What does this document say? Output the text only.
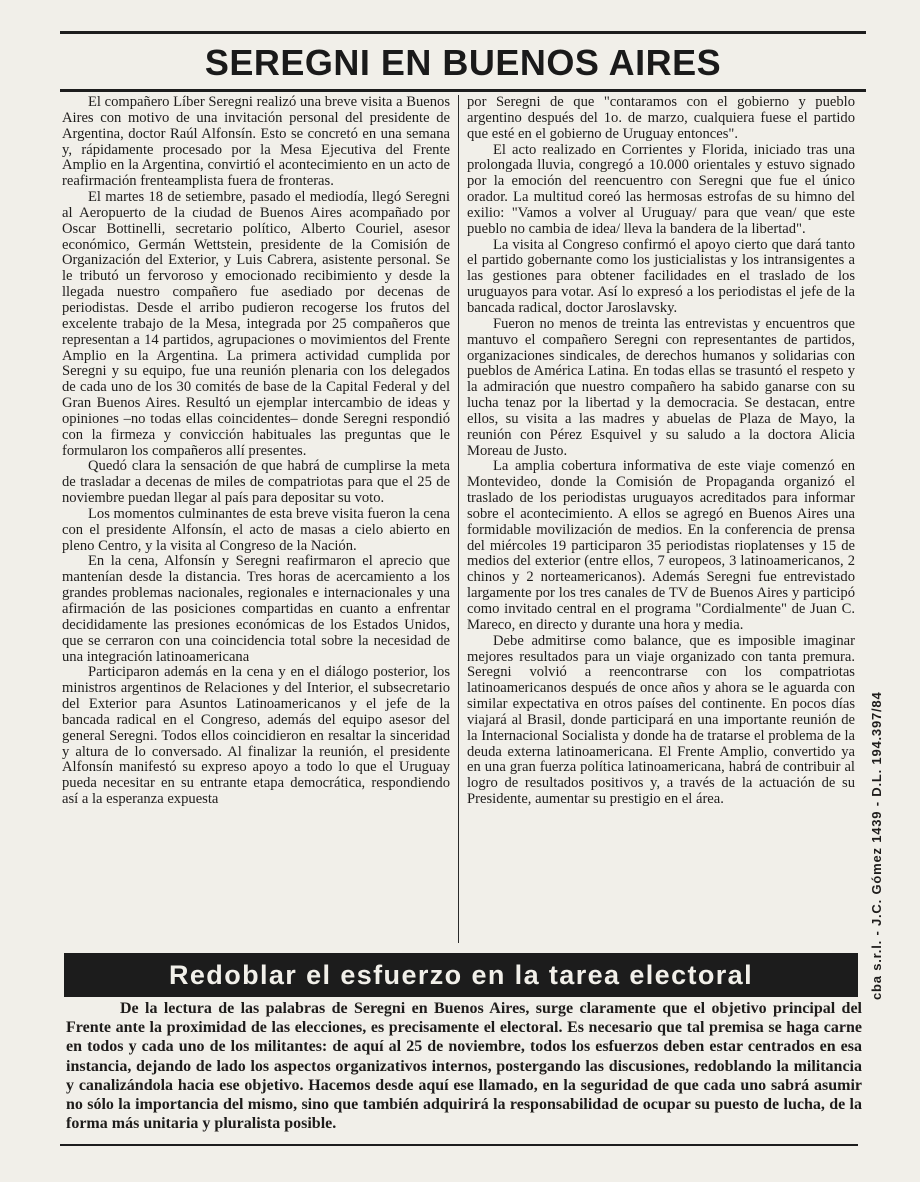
SEREGNI EN BUENOS AIRES

El compañero Líber Seregni realizó una breve visita a Buenos Aires con motivo de una invitación personal del presidente de Argentina, doctor Raúl Alfonsín. Esto se concretó en una semana y, rápidamente procesado por la Mesa Ejecutiva del Frente Amplio en la Argentina, convirtió el acontecimiento en un acto de reafirmación frenteamplista fuera de fronteras.

El martes 18 de setiembre, pasado el mediodía, llegó Seregni al Aeropuerto de la ciudad de Buenos Aires acompañado por Oscar Bottinelli, secretario político, Alberto Couriel, asesor económico, Germán Wettstein, presidente de la Comisión de Organización del Exterior, y Luis Cabrera, asistente personal. Se le tributó un fervoroso y emocionado recibimiento y desde la llegada nuestro compañero fue asediado por decenas de periodistas. Desde el arribo pudieron recogerse los frutos del excelente trabajo de la Mesa, integrada por 25 compañeros que representan a 14 partidos, agrupaciones o movimientos del Frente Amplio en la Argentina. La primera actividad cumplida por Seregni y su equipo, fue una reunión plenaria con los delegados de cada uno de los 30 comités de base de la Capital Federal y del Gran Buenos Aires. Resultó un ejemplar intercambio de ideas y opiniones –no todas ellas coincidentes– donde Seregni respondió con la firmeza y convicción habituales las preguntas que le formularon los compañeros allí presentes.

Quedó clara la sensación de que habrá de cumplirse la meta de trasladar a decenas de miles de compatriotas para que el 25 de noviembre puedan llegar al país para depositar su voto.

Los momentos culminantes de esta breve visita fueron la cena con el presidente Alfonsín, el acto de masas a cielo abierto en pleno Centro, y la visita al Congreso de la Nación.

En la cena, Alfonsín y Seregni reafirmaron el aprecio que mantenían desde la distancia. Tres horas de acercamiento a los grandes problemas nacionales, regionales e internacionales y una afirmación de las posiciones compartidas en cuanto a enfrentar decididamente las presiones económicas de los Estados Unidos, que se cerraron con una coincidencia total sobre la necesidad de una integración latinoamericana

Participaron además en la cena y en el diálogo posterior, los ministros argentinos de Relaciones y del Interior, el subsecretario del Exterior para Asuntos Latinoamericanos y el jefe de la bancada radical en el Congreso, además del equipo asesor del general Seregni. Todos ellos coincidieron en resaltar la sinceridad y altura de lo conversado. Al finalizar la reunión, el presidente Alfonsín manifestó su expreso apoyo a todo lo que el Uruguay pueda necesitar en su entrante etapa democrática, respondiendo así a la esperanza expuesta

por Seregni de que "contaramos con el gobierno y pueblo argentino después del 1o. de marzo, cualquiera fuese el partido que esté en el gobierno de Uruguay entonces".

El acto realizado en Corrientes y Florida, iniciado tras una prolongada lluvia, congregó a 10.000 orientales y estuvo signado por la emoción del reencuentro con Seregni que fue el único orador. La multitud coreó las hermosas estrofas de su himno del exilio: "Vamos a volver al Uruguay/ para que vean/ que este pueblo no cambia de idea/ lleva la bandera de la libertad".

La visita al Congreso confirmó el apoyo cierto que dará tanto el partido gobernante como los justicialistas y los intransigentes a las gestiones para obtener facilidades en el traslado de los uruguayos para votar. Así lo expresó a los periodistas el jefe de la bancada radical, doctor Jaroslavsky.

Fueron no menos de treinta las entrevistas y encuentros que mantuvo el compañero Seregni con representantes de partidos, organizaciones sindicales, de derechos humanos y solidarias con pueblos de América Latina. En todas ellas se trasuntó el respeto y la admiración que nuestro compañero ha sabido ganarse con su lucha tenaz por la libertad y la democracia. Se destacan, entre ellos, su visita a las madres y abuelas de Plaza de Mayo, la reunión con Pérez Esquivel y su saludo a la doctora Alicia Moreau de Justo.

La amplia cobertura informativa de este viaje comenzó en Montevideo, donde la Comisión de Propaganda organizó el traslado de los periodistas uruguayos acreditados para informar sobre el acontecimiento. A ellos se agregó en Buenos Aires una formidable movilización de medios. En la conferencia de prensa del miércoles 19 participaron 35 periodistas rioplatenses y 15 de medios del exterior (entre ellos, 7 europeos, 3 latinoamericanos, 2 chinos y 2 norteamericanos). Además Seregni fue entrevistado largamente por los tres canales de TV de Buenos Aires y participó como invitado central en el programa "Cordialmente" de Juan C. Mareco, en directo y durante una hora y media.

Debe admitirse como balance, que es imposible imaginar mejores resultados para un viaje organizado con tanta premura. Seregni volvió a reencontrarse con los compatriotas latinoamericanos después de once años y ahora se le aguarda con similar expectativa en otros países del continente. En pocos días viajará al Brasil, donde participará en una importante reunión de la Internacional Socialista y donde ha de tratarse el problema de la deuda externa latinoamericana. El Frente Amplio, convertido ya en una gran fuerza política latinoamericana, habrá de contribuir al logro de resultados positivos y, a través de la actuación de su Presidente, aumentar su prestigio en el área.

Redoblar el esfuerzo en la tarea electoral

De la lectura de las palabras de Seregni en Buenos Aires, surge claramente que el objetivo principal del Frente ante la proximidad de las elecciones, es precisamente el electoral. Es necesario que tal premisa se haga carne en todos y cada uno de los militantes: de aquí al 25 de noviembre, todos los esfuerzos deben estar centrados en esa instancia, dejando de lado los aspectos organizativos internos, postergando las discusiones, redoblando la militancia y canalizándola hacia ese objetivo. Hacemos desde aquí ese llamado, en la seguridad de que cada uno sabrá asumir no sólo la importancia del mismo, sino que también adquirirá la responsabilidad de ocupar su puesto de lucha, de la forma más unitaria y pluralista posible.

cba s.r.l. - J.C. Gómez 1439 - D.L. 194.397/84
